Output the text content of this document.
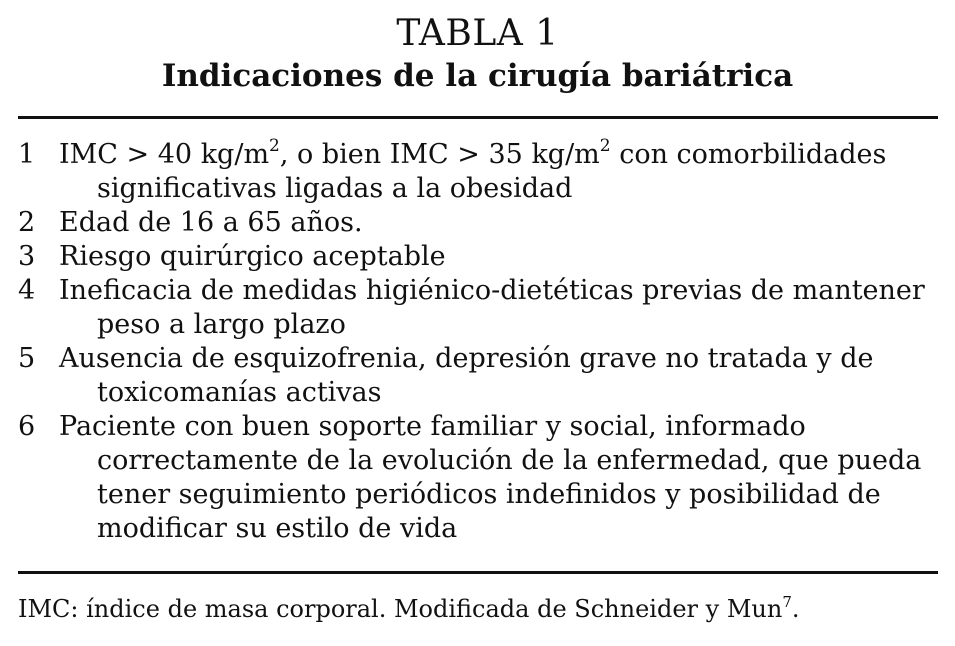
TABLA 1
Indicaciones de la cirugía bariátrica
1 IMC > 40 $kg/m^2$, o bien IMC > 35 $kg/m^2$ con comorbilidades significativas ligadas a la obesidad
2 Edad de 16 a 65 años.
3 Riesgo quirúrgico aceptable
4 Ineficacia de medidas higiénico-dietéticas previas de mantener peso a largo plazo
5 Ausencia de esquizofrenia, depresión grave no tratada y de toxicomanías activas
6 Paciente con buen soporte familiar y social, informado correctamente de la evolución de la enfermedad, que pueda tener seguimiento periódicos indefinidos y posibilidad de modificar su estilo de vida
IMC: índice de masa corporal. Modificada de Schneider y Mun$^7$.
